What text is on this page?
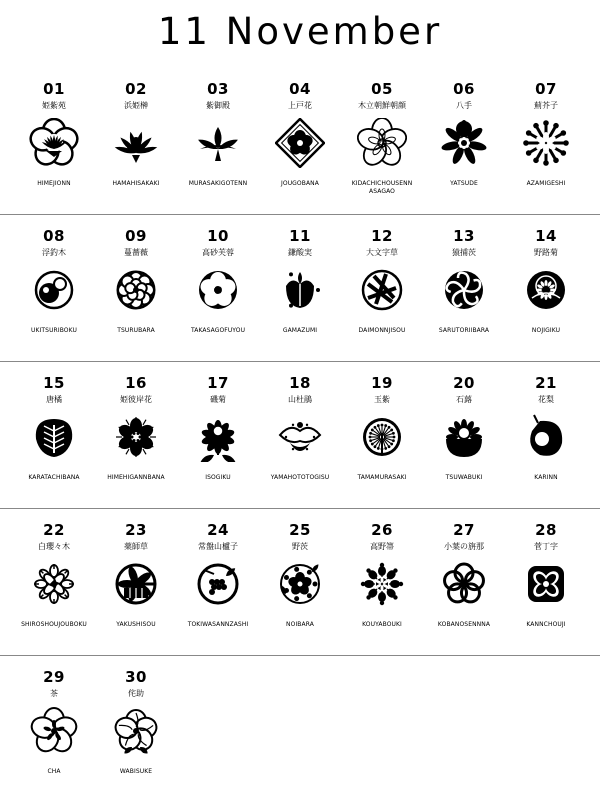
11 November
01
姫紫苑
HIMEJIONN
02
浜姫榊
HAMAHISAKAKI
03
紫御殿
MURASAKIGOTENN
04
上戸花
JOUGOBANA
05
木立朝鮮朝顔
KIDACHICHOUSENN
ASAGAO
06
八手
YATSUDE
07
薊芥子
AZAMIGESHI
08
浮釣木
UKITSURIBOKU
09
蔓薔薇
TSURUBARA
10
高砂芙蓉
TAKASAGOFUYOU
11
鎌酸実
GAMAZUMI
12
大文字草
DAIMONNJISOU
13
猿捕茨
SARUTORIIBARA
14
野路菊
NOJIGIKU
15
唐橘
KARATACHIBANA
16
姫彼岸花
HIMEHIGANNBANA
17
磯菊
ISOGIKU
18
山杜鵑
YAMAHOTOTOGISU
19
玉紫
TAMAMURASAKI
20
石蕗
TSUWABUKI
21
花梨
KARINN
22
白瓔々木
SHIROSHOUJOUBOKU
23
薬師草
YAKUSHISOU
24
常盤山櫨子
TOKIWASANNZASHI
25
野茨
NOIBARA
26
高野箒
KOUYABOUKI
27
小葉の旃那
KOBANOSENNNA
28
菅丁字
KANNCHOUJI
29
茶
CHA
30
侘助
WABISUKE
